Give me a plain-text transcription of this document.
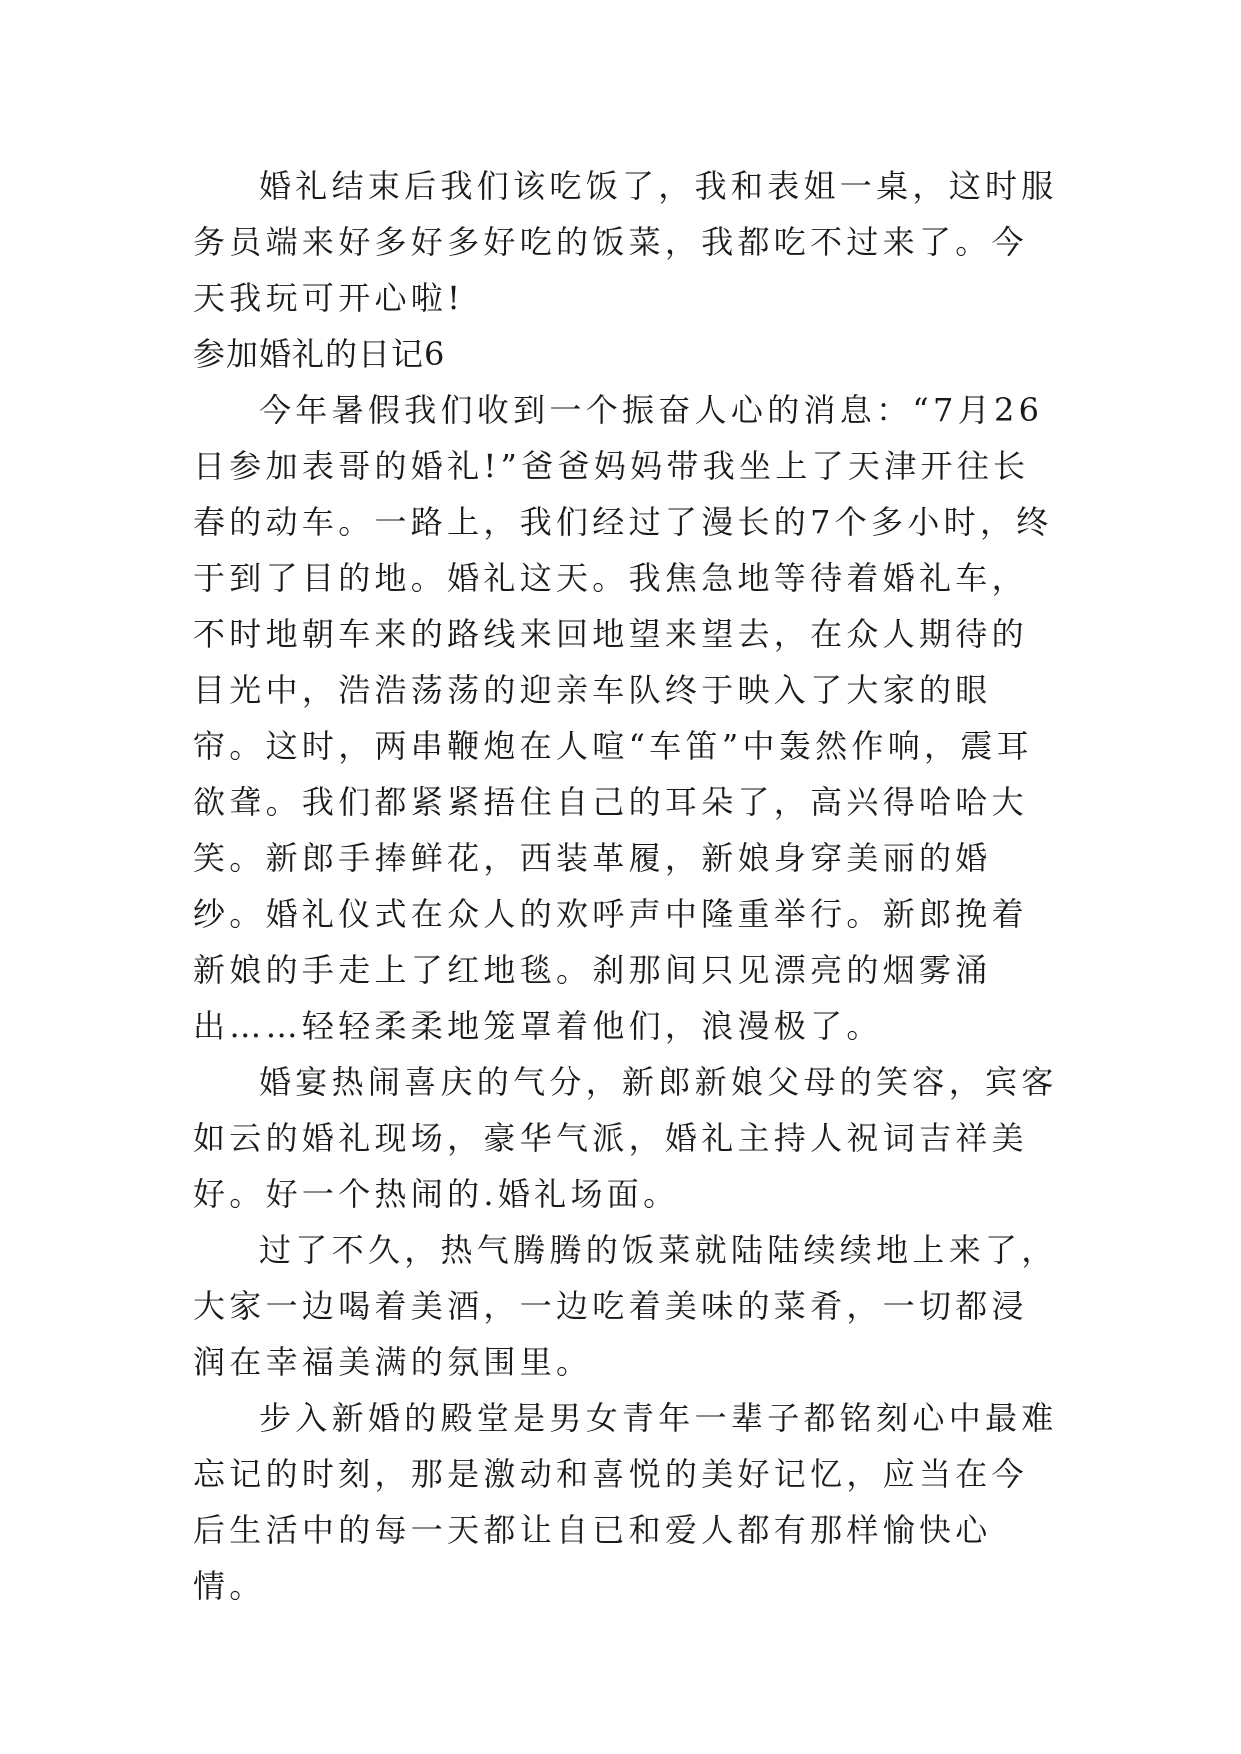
婚礼结束后我们该吃饭了，我和表姐一桌，这时服务员端来好多好多好吃的饭菜，我都吃不过来了。今天我玩可开心啦!

参加婚礼的日记6

今年暑假我们收到一个振奋人心的消息：“7月26日参加表哥的婚礼!”爸爸妈妈带我坐上了天津开往长春的动车。一路上，我们经过了漫长的7个多小时，终于到了目的地。婚礼这天。我焦急地等待着婚礼车，不时地朝车来的路线来回地望来望去，在众人期待的目光中，浩浩荡荡的迎亲车队终于映入了大家的眼帘。这时，两串鞭炮在人喧“车笛”中轰然作响，震耳欲聋。我们都紧紧捂住自己的耳朵了，高兴得哈哈大笑。新郎手捧鲜花，西装革履，新娘身穿美丽的婚纱。婚礼仪式在众人的欢呼声中隆重举行。新郎挽着新娘的手走上了红地毯。刹那间只见漂亮的烟雾涌出……轻轻柔柔地笼罩着他们，浪漫极了。

婚宴热闹喜庆的气分，新郎新娘父母的笑容，宾客如云的婚礼现场，豪华气派，婚礼主持人祝词吉祥美好。好一个热闹的.婚礼场面。

过了不久，热气腾腾的饭菜就陆陆续续地上来了，大家一边喝着美酒，一边吃着美味的菜肴，一切都浸润在幸福美满的氛围里。

步入新婚的殿堂是男女青年一辈子都铭刻心中最难忘记的时刻，那是激动和喜悦的美好记忆，应当在今后生活中的每一天都让自已和爱人都有那样愉快心情。
